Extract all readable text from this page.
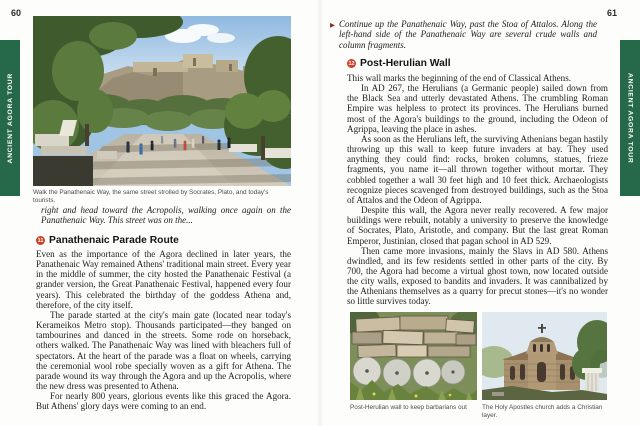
60
ANCIENT AGORA TOUR
Walk the Panathenaic Way, the same street strolled by Socrates, Plato, and today's tourists.
right and head toward the Acropolis, walking once again on the Panathenaic Way. This street was on the...
11 Panathenaic Parade Route

Even as the importance of the Agora declined in later years, the Panathenaic Way remained Athens' traditional main street. Every year in the middle of summer, the city hosted the Panathenaic Festival (a grander version, the Great Panathenaic Festival, happened every four years). This celebrated the birthday of the goddess Athena and, therefore, of the city itself.

The parade started at the city's main gate (located near today's Kerameikos Metro stop). Thousands participated—they banged on tambourines and danced in the streets. Some rode on horseback, others walked. The Panathenaic Way was lined with bleachers full of spectators. At the heart of the parade was a float on wheels, carrying the ceremonial wool robe specially woven as a gift for Athena. The parade wound its way through the Agora and up the Acropolis, where the new dress was presented to Athena.

For nearly 800 years, glorious events like this graced the Agora. But Athens' glory days were coming to an end.

61
ANCIENT AGORA TOUR
▶ Continue up the Panathenaic Way, past the Stoa of Attalos. Along the left-hand side of the Panathenaic Way are several crude walls and column fragments.
12 Post-Herulian Wall

This wall marks the beginning of the end of Classical Athens.

In AD 267, the Herulians (a Germanic people) sailed down from the Black Sea and utterly devastated Athens. The crumbling Roman Empire was helpless to protect its provinces. The Herulians burned most of the Agora's buildings to the ground, including the Odeon of Agrippa, leaving the place in ashes.

As soon as the Herulians left, the surviving Athenians began hastily throwing up this wall to keep future invaders at bay. They used anything they could find: rocks, broken columns, statues, frieze fragments, you name it—all thrown together without mortar. They cobbled together a wall 30 feet high and 10 feet thick. Archaeologists recognize pieces scavenged from destroyed buildings, such as the Stoa of Attalos and the Odeon of Agrippa.

Despite this wall, the Agora never really recovered. A few major buildings were rebuilt, notably a university to preserve the knowledge of Socrates, Plato, Aristotle, and company. But the last great Roman Emperor, Justinian, closed that pagan school in AD 529.

Then came more invasions, mainly the Slavs in AD 580. Athens dwindled, and its few residents settled in other parts of the city. By 700, the Agora had become a virtual ghost town, now located outside the city walls, exposed to bandits and invaders. It was cannibalized by the Athenians themselves as a quarry for precut stones—it's no wonder so little survives today.

Post-Herulian wall to keep barbarians out	The Holy Apostles church adds a Christian layer.
